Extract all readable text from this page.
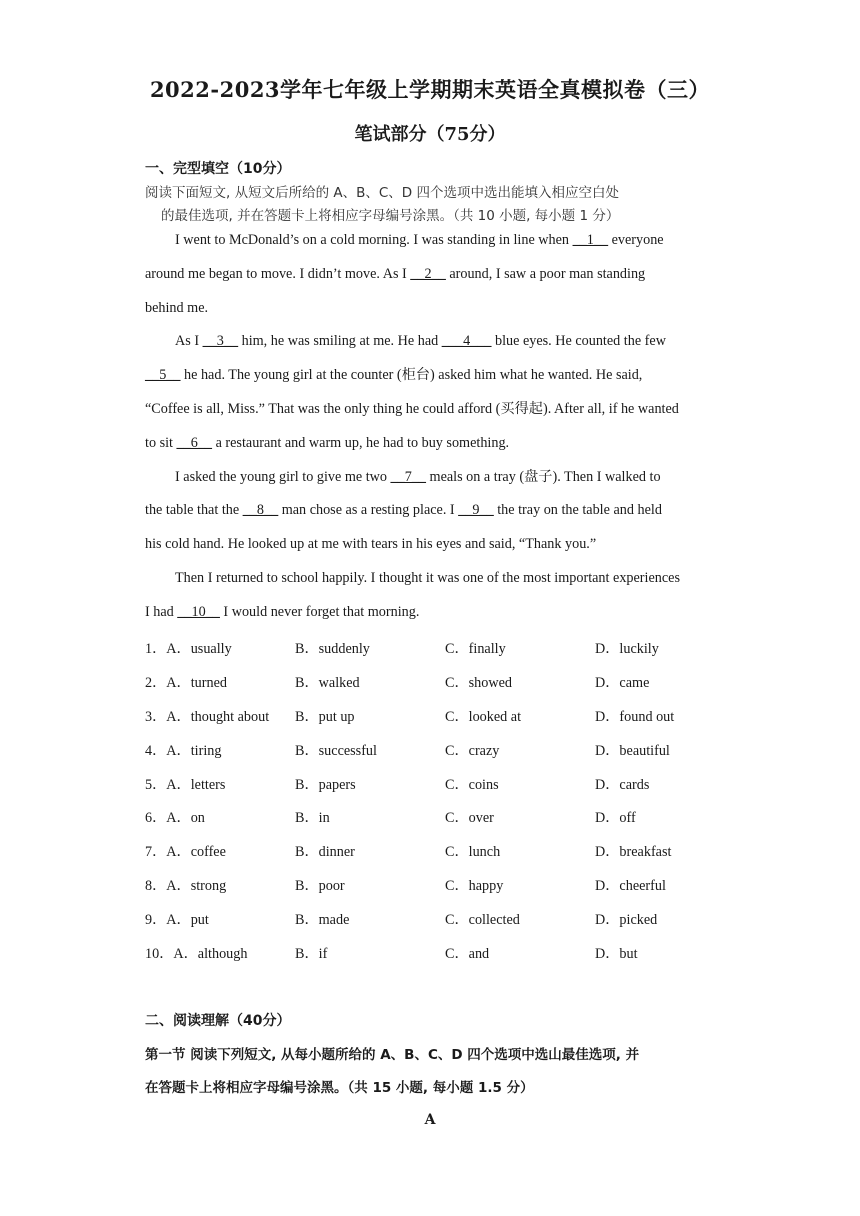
2022-2023学年七年级上学期期末英语全真模拟卷（三）
笔试部分（75分）
一、完型填空（10分）
阅读下面短文, 从短文后所给的 A、B、C、D 四个选项中选出能填入相应空白处
的最佳选项, 并在答题卡上将相应字母编号涂黑。（共 10 小题, 每小题 1 分）
I went to McDonald’s on a cold morning. I was standing in line when __1__ everyone
around me began to move. I didn’t move. As I __2__ around, I saw a poor man standing
behind me.
As I __3__ him, he was smiling at me. He had ___4___ blue eyes. He counted the few
__5__ he had. The young girl at the counter (柜台) asked him what he wanted. He said,
“Coffee is all, Miss.” That was the only thing he could afford (买得起). After all, if he wanted
to sit __6__ a restaurant and warm up, he had to buy something.
I asked the young girl to give me two __7__ meals on a tray (盘子). Then I walked to
the table that the __8__ man chose as a resting place. I __9__ the tray on the table and held
his cold hand. He looked up at me with tears in his eyes and said, “Thank you.”
Then I returned to school happily. I thought it was one of the most important experiences
I had __10__ I would never forget that morning.
1．A．usually	B．suddenly	C．finally	D．luckily
2．A．turned	B．walked	C．showed	D．came
3．A．thought about B．put up	C．looked at	D．found out
4．A．tiring	B．successful	C．crazy	D．beautiful
5．A．letters	B．papers	C．coins	D．cards
6．A．on	B．in	C．over	D．off
7．A．coffee	B．dinner	C．lunch	D．breakfast
8．A．strong	B．poor	C．happy	D．cheerful
9．A．put	B．made	C．collected	D．picked
10．A．although	B．if	C．and	D．but
二、阅读理解（40分）
第一节 阅读下列短文, 从每小题所给的 A、B、C、D 四个选项中选山最佳选项, 并
在答题卡上将相应字母编号涂黑。（共 15 小题, 每小题 1.5 分）
A
